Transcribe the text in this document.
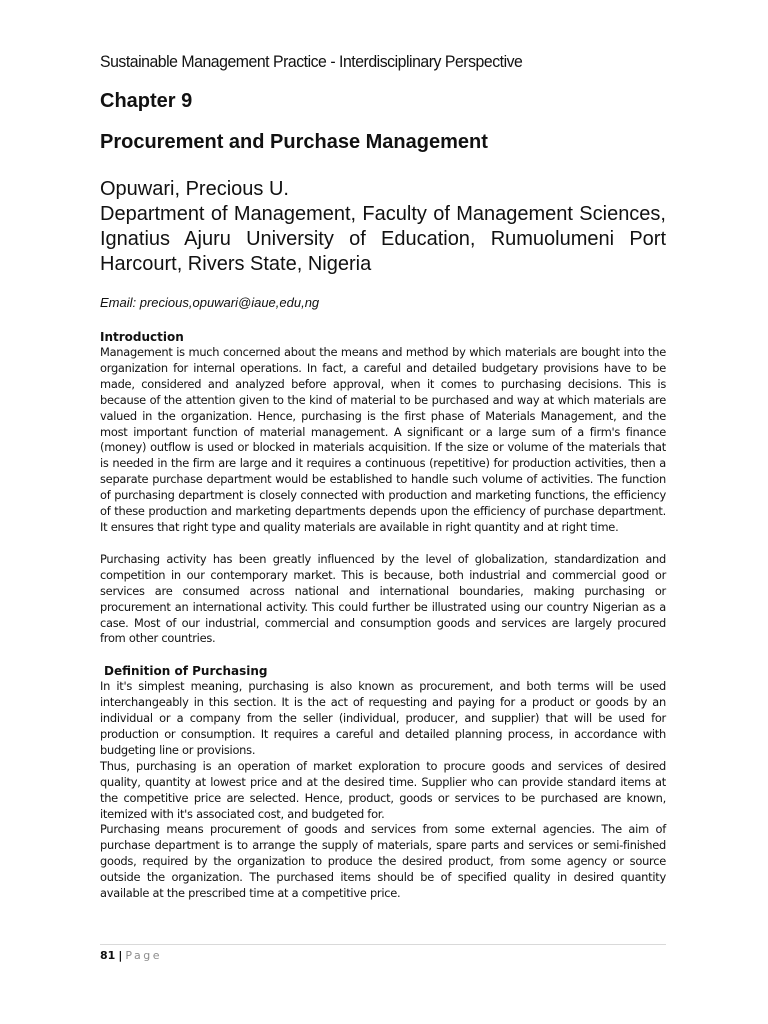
Sustainable Management Practice - Interdisciplinary Perspective

Chapter 9
Procurement and Purchase Management
Opuwari, Precious U.
Department of Management, Faculty of Management Sciences, Ignatius Ajuru University of Education, Rumuolumeni Port Harcourt, Rivers State, Nigeria
Email: precious,opuwari@iaue,edu,ng
Introduction

Management is much concerned about the means and method by which materials are bought into the organization for internal operations. In fact, a careful and detailed budgetary provisions have to be made, considered and analyzed before approval, when it comes to purchasing decisions. This is because of the attention given to the kind of material to be purchased and way at which materials are valued in the organization. Hence, purchasing is the first phase of Materials Management, and the most important function of material management. A significant or a large sum of a firm's finance (money) outflow is used or blocked in materials acquisition. If the size or volume of the materials that is needed in the firm are large and it requires a continuous (repetitive) for production activities, then a separate purchase department would be established to handle such volume of activities. The function of purchasing department is closely connected with production and marketing functions, the efficiency of these production and marketing departments depends upon the efficiency of purchase department. It ensures that right type and quality materials are available in right quantity and at right time.

Purchasing activity has been greatly influenced by the level of globalization, standardization and competition in our contemporary market. This is because, both industrial and commercial good or services are consumed across national and international boundaries, making purchasing or procurement an international activity. This could further be illustrated using our country Nigerian as a case. Most of our industrial, commercial and consumption goods and services are largely procured from other countries.

Definition of Purchasing

In it's simplest meaning, purchasing is also known as procurement, and both terms will be used interchangeably in this section. It is the act of requesting and paying for a product or goods by an individual or a company from the seller (individual, producer, and supplier) that will be used for production or consumption. It requires a careful and detailed planning process, in accordance with budgeting line or provisions.

Thus, purchasing is an operation of market exploration to procure goods and services of desired quality, quantity at lowest price and at the desired time. Supplier who can provide standard items at the competitive price are selected. Hence, product, goods or services to be purchased are known, itemized with it's associated cost, and budgeted for.

Purchasing means procurement of goods and services from some external agencies. The aim of purchase department is to arrange the supply of materials, spare parts and services or semi-finished goods, required by the organization to produce the desired product, from some agency or source outside the organization. The purchased items should be of specified quality in desired quantity available at the prescribed time at a competitive price.

81 | Page
